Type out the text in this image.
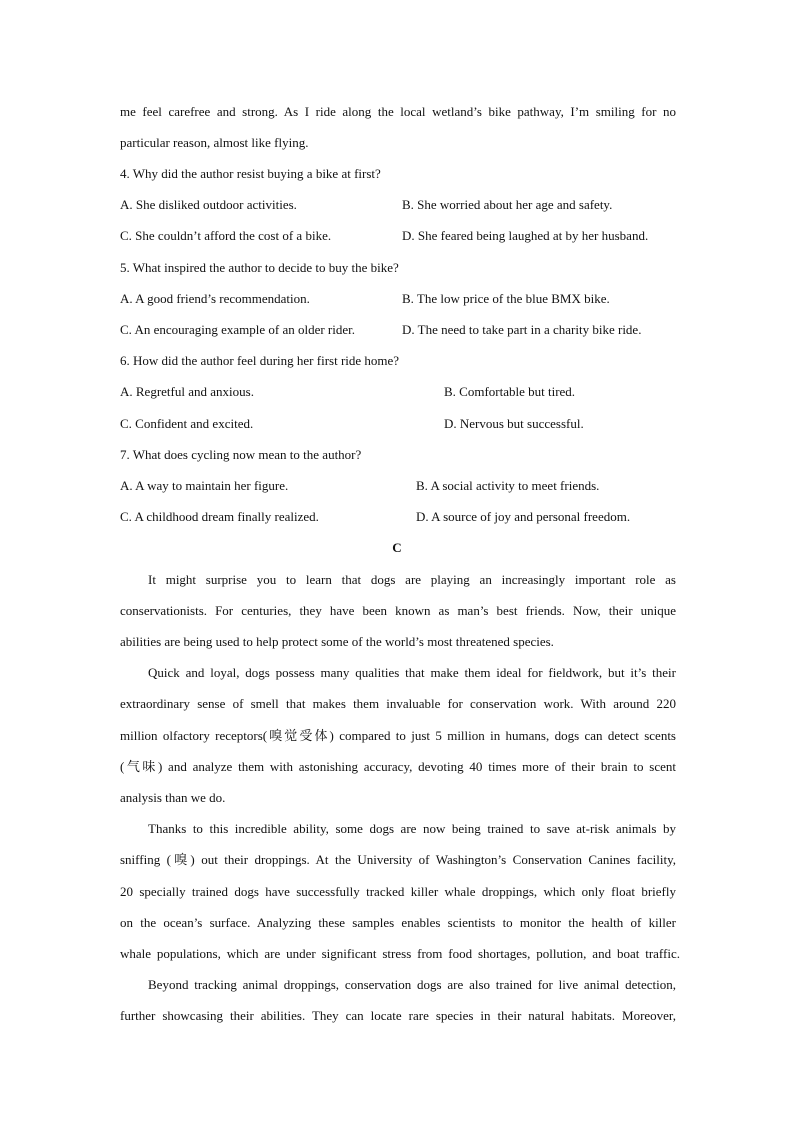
me feel carefree and strong. As I ride along the local wetland’s bike pathway, I’m smiling for no
particular reason, almost like flying.
4. Why did the author resist buying a bike at first?
A. She disliked outdoor activities.	B. She worried about her age and safety.
C. She couldn’t afford the cost of a bike.	D. She feared being laughed at by her husband.
5. What inspired the author to decide to buy the bike?
A. A good friend’s recommendation.	B. The low price of the blue BMX bike.
C. An encouraging example of an older rider.	D. The need to take part in a charity bike ride.
6. How did the author feel during her first ride home?
A. Regretful and anxious.	B. Comfortable but tired.
C. Confident and excited.	D. Nervous but successful.
7. What does cycling now mean to the author?
A. A way to maintain her figure.	B. A social activity to meet friends.
C. A childhood dream finally realized.	D. A source of joy and personal freedom.
C
It might surprise you to learn that dogs are playing an increasingly important role as
conservationists. For centuries, they have been known as man’s best friends. Now, their unique
abilities are being used to help protect some of the world’s most threatened species.
Quick and loyal, dogs possess many qualities that make them ideal for fieldwork, but it’s their
extraordinary sense of smell that makes them invaluable for conservation work. With around 220
million olfactory receptors(嗅觉受体) compared to just 5 million in humans, dogs can detect scents
(气味) and analyze them with astonishing accuracy, devoting 40 times more of their brain to scent
analysis than we do.
Thanks to this incredible ability, some dogs are now being trained to save at-risk animals by
sniffing (嗅) out their droppings. At the University of Washington’s Conservation Canines facility,
20 specially trained dogs have successfully tracked killer whale droppings, which only float briefly
on the ocean’s surface. Analyzing these samples enables scientists to monitor the health of killer
whale populations, which are under significant stress from food shortages, pollution, and boat traffic.
Beyond tracking animal droppings, conservation dogs are also trained for live animal detection,
further showcasing their abilities. They can locate rare species in their natural habitats. Moreover,
